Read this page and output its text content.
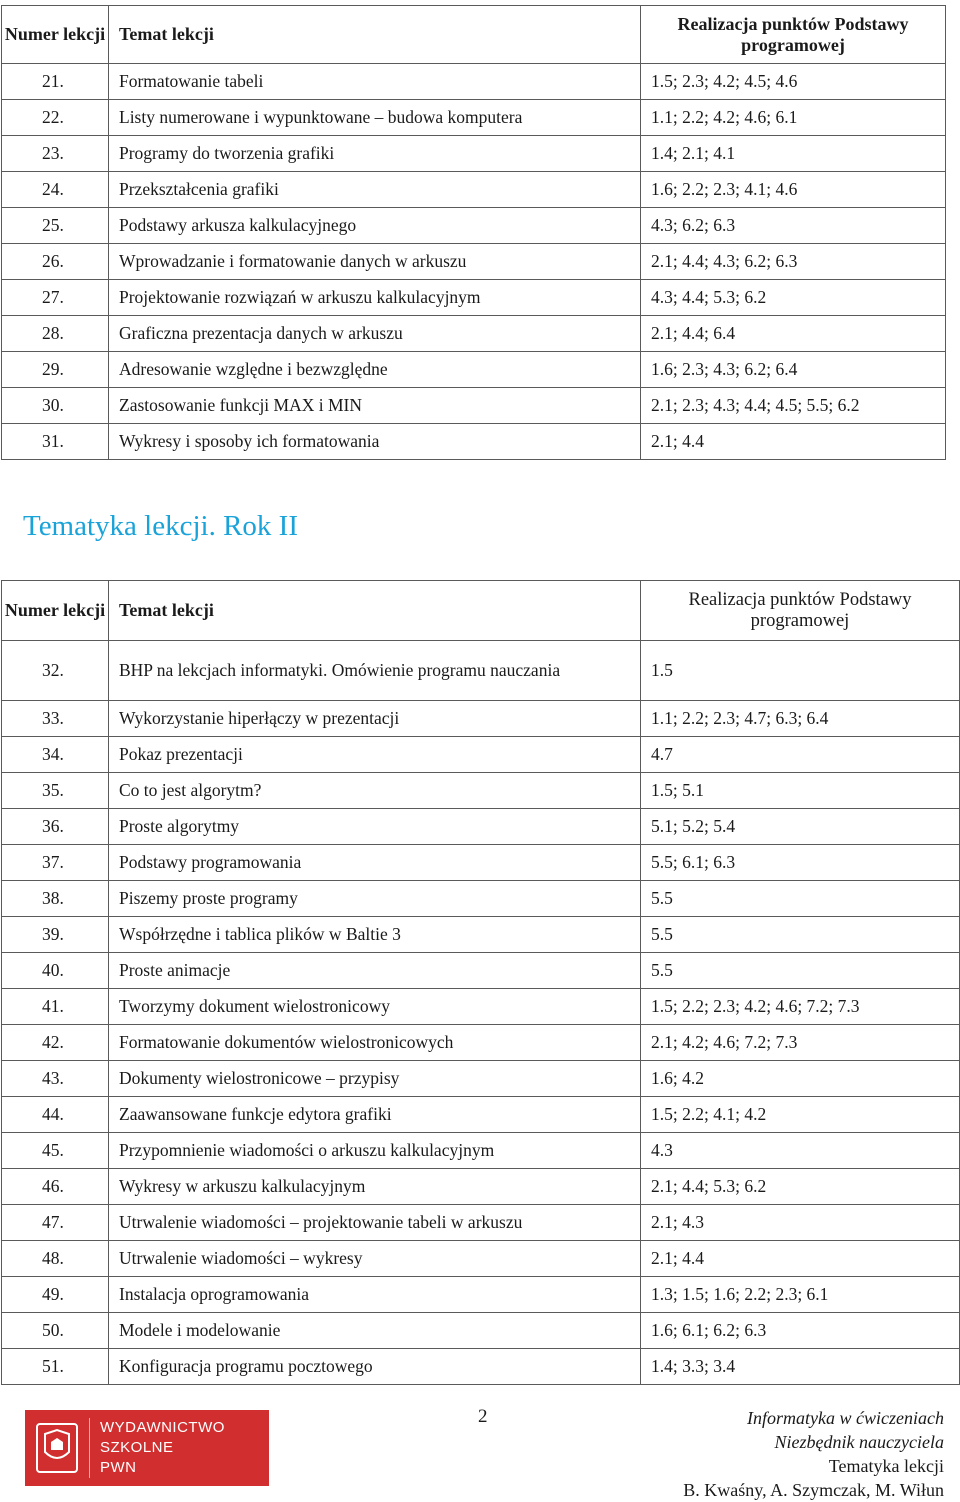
Numer lekcji	Temat lekcji	Realizacja punktów Podstawy programowej
21.	Formatowanie tabeli	1.5; 2.3; 4.2; 4.5; 4.6
22.	Listy numerowane i wypunktowane – budowa komputera	1.1; 2.2; 4.2; 4.6; 6.1
23.	Programy do tworzenia grafiki	1.4; 2.1; 4.1
24.	Przekształcenia grafiki	1.6; 2.2; 2.3; 4.1; 4.6
25.	Podstawy arkusza kalkulacyjnego	4.3; 6.2; 6.3
26.	Wprowadzanie i formatowanie danych w arkuszu	2.1; 4.4; 4.3; 6.2; 6.3
27.	Projektowanie rozwiązań w arkuszu kalkulacyjnym	4.3; 4.4; 5.3; 6.2
28.	Graficzna prezentacja danych w arkuszu	2.1; 4.4; 6.4
29.	Adresowanie względne i bezwzględne	1.6; 2.3; 4.3; 6.2; 6.4
30.	Zastosowanie funkcji MAX i MIN	2.1; 2.3; 4.3; 4.4; 4.5; 5.5; 6.2
31.	Wykresy i sposoby ich formatowania	2.1; 4.4
Tematyka lekcji. Rok II
Numer lekcji	Temat lekcji	Realizacja punktów Podstawy programowej
32.	BHP na lekcjach informatyki. Omówienie programu nauczania	1.5
33.	Wykorzystanie hiperłączy w prezentacji	1.1; 2.2; 2.3; 4.7; 6.3; 6.4
34.	Pokaz prezentacji	4.7
35.	Co to jest algorytm?	1.5; 5.1
36.	Proste algorytmy	5.1; 5.2; 5.4
37.	Podstawy programowania	5.5; 6.1; 6.3
38.	Piszemy proste programy	5.5
39.	Współrzędne i tablica plików w Baltie 3	5.5
40.	Proste animacje	5.5
41.	Tworzymy dokument wielostronicowy	1.5; 2.2; 2.3; 4.2; 4.6; 7.2; 7.3
42.	Formatowanie dokumentów wielostronicowych	2.1; 4.2; 4.6; 7.2; 7.3
43.	Dokumenty wielostronicowe – przypisy	1.6; 4.2
44.	Zaawansowane funkcje edytora grafiki	1.5; 2.2; 4.1; 4.2
45.	Przypomnienie wiadomości o arkuszu kalkulacyjnym	4.3
46.	Wykresy w arkuszu kalkulacyjnym	2.1; 4.4; 5.3; 6.2
47.	Utrwalenie wiadomości – projektowanie tabeli w arkuszu	2.1; 4.3
48.	Utrwalenie wiadomości – wykresy	2.1; 4.4
49.	Instalacja oprogramowania	1.3; 1.5; 1.6; 2.2; 2.3; 6.1
50.	Modele i modelowanie	1.6; 6.1; 6.2; 6.3
51.	Konfiguracja programu pocztowego	1.4; 3.3; 3.4
WYDAWNICTWO
SZKOLNE
PWN
2	Informatyka w ćwiczeniach
Niezbędnik nauczyciela
Tematyka lekcji
B. Kwaśny, A. Szymczak, M. Wiłun
